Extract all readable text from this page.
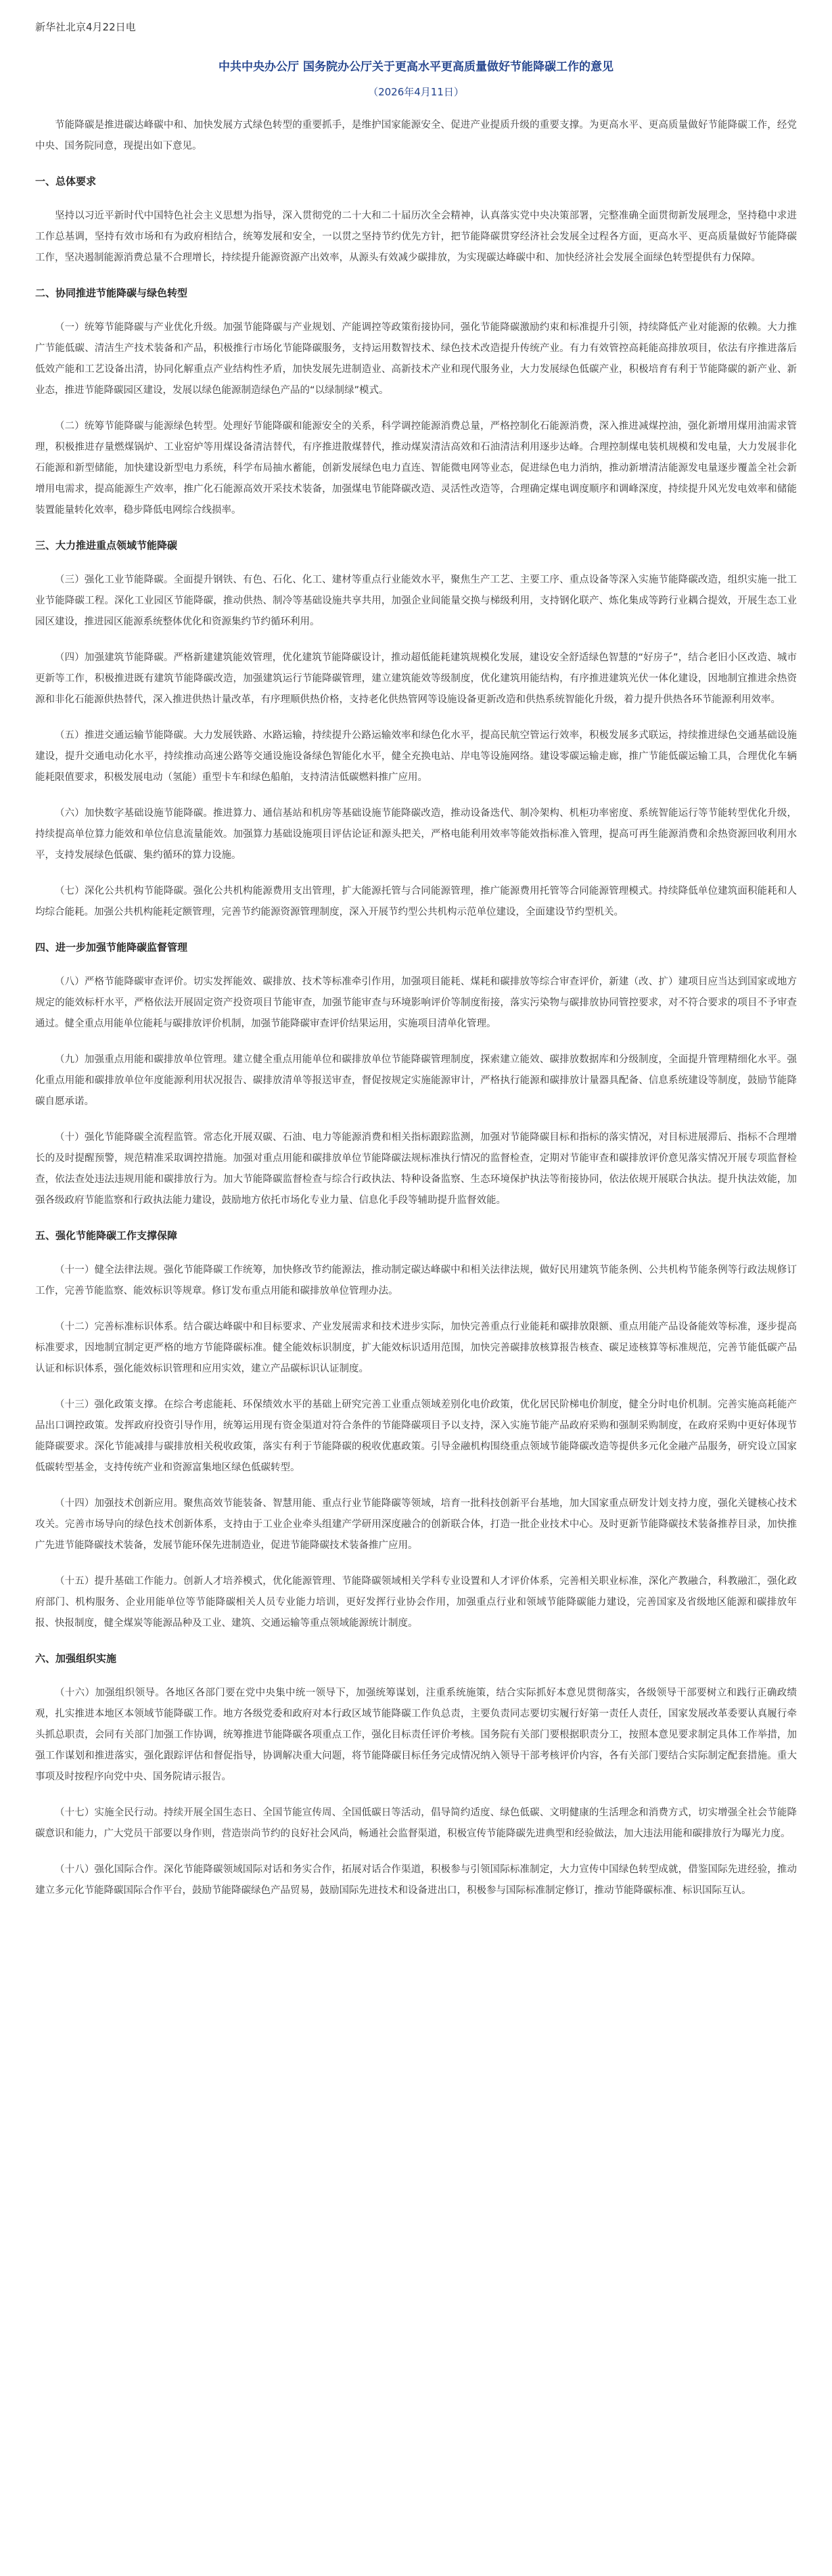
新华社北京4月22日电
中共中央办公厅 国务院办公厅关于更高水平更高质量做好节能降碳工作的意见
（2026年4月11日）

节能降碳是推进碳达峰碳中和、加快发展方式绿色转型的重要抓手，是维护国家能源安全、促进产业提质升级的重要支撑。为更高水平、更高质量做好节能降碳工作，经党中央、国务院同意，现提出如下意见。

一、总体要求

坚持以习近平新时代中国特色社会主义思想为指导，深入贯彻党的二十大和二十届历次全会精神，认真落实党中央决策部署，完整准确全面贯彻新发展理念，坚持稳中求进工作总基调，坚持有效市场和有为政府相结合，统筹发展和安全，一以贯之坚持节约优先方针，把节能降碳贯穿经济社会发展全过程各方面，更高水平、更高质量做好节能降碳工作，坚决遏制能源消费总量不合理增长，持续提升能源资源产出效率，从源头有效减少碳排放，为实现碳达峰碳中和、加快经济社会发展全面绿色转型提供有力保障。

二、协同推进节能降碳与绿色转型

（一）统筹节能降碳与产业优化升级。加强节能降碳与产业规划、产能调控等政策衔接协同，强化节能降碳激励约束和标准提升引领，持续降低产业对能源的依赖。大力推广节能低碳、清洁生产技术装备和产品，积极推行市场化节能降碳服务，支持运用数智技术、绿色技术改造提升传统产业。有力有效管控高耗能高排放项目，依法有序推进落后低效产能和工艺设备出清，协同化解重点产业结构性矛盾，加快发展先进制造业、高新技术产业和现代服务业，大力发展绿色低碳产业，积极培育有利于节能降碳的新产业、新业态，推进节能降碳园区建设，发展以绿色能源制造绿色产品的“以绿制绿”模式。

（二）统筹节能降碳与能源绿色转型。处理好节能降碳和能源安全的关系，科学调控能源消费总量，严格控制化石能源消费，深入推进减煤控油，强化新增用煤用油需求管理，积极推进存量燃煤锅炉、工业窑炉等用煤设备清洁替代，有序推进散煤替代，推动煤炭清洁高效和石油清洁利用逐步达峰。合理控制煤电装机规模和发电量，大力发展非化石能源和新型储能，加快建设新型电力系统，科学布局抽水蓄能，创新发展绿色电力直连、智能微电网等业态，促进绿色电力消纳，推动新增清洁能源发电量逐步覆盖全社会新增用电需求，提高能源生产效率，推广化石能源高效开采技术装备，加强煤电节能降碳改造、灵活性改造等，合理确定煤电调度顺序和调峰深度，持续提升风光发电效率和储能装置能量转化效率，稳步降低电网综合线损率。

三、大力推进重点领域节能降碳

（三）强化工业节能降碳。全面提升钢铁、有色、石化、化工、建材等重点行业能效水平，聚焦生产工艺、主要工序、重点设备等深入实施节能降碳改造，组织实施一批工业节能降碳工程。深化工业园区节能降碳，推动供热、制冷等基础设施共享共用，加强企业间能量交换与梯级利用，支持钢化联产、炼化集成等跨行业耦合提效，开展生态工业园区建设，推进园区能源系统整体优化和资源集约节约循环利用。

（四）加强建筑节能降碳。严格新建建筑能效管理，优化建筑节能降碳设计，推动超低能耗建筑规模化发展，建设安全舒适绿色智慧的“好房子”，结合老旧小区改造、城市更新等工作，积极推进既有建筑节能降碳改造，加强建筑运行节能降碳管理，建立建筑能效等级制度，优化建筑用能结构，有序推进建筑光伏一体化建设，因地制宜推进余热资源和非化石能源供热替代，深入推进供热计量改革，有序理顺供热价格，支持老化供热管网等设施设备更新改造和供热系统智能化升级，着力提升供热各环节能源利用效率。

（五）推进交通运输节能降碳。大力发展铁路、水路运输，持续提升公路运输效率和绿色化水平，提高民航空管运行效率，积极发展多式联运，持续推进绿色交通基础设施建设，提升交通电动化水平，持续推动高速公路等交通设施设备绿色智能化水平，健全充换电站、岸电等设施网络。建设零碳运输走廊，推广节能低碳运输工具，合理优化车辆能耗限值要求，积极发展电动（氢能）重型卡车和绿色船舶，支持清洁低碳燃料推广应用。

（六）加快数字基础设施节能降碳。推进算力、通信基站和机房等基础设施节能降碳改造，推动设备迭代、制冷架构、机柜功率密度、系统智能运行等节能转型优化升级，持续提高单位算力能效和单位信息流量能效。加强算力基础设施项目评估论证和源头把关，严格电能利用效率等能效指标准入管理，提高可再生能源消费和余热资源回收利用水平，支持发展绿色低碳、集约循环的算力设施。

（七）深化公共机构节能降碳。强化公共机构能源费用支出管理，扩大能源托管与合同能源管理，推广能源费用托管等合同能源管理模式。持续降低单位建筑面积能耗和人均综合能耗。加强公共机构能耗定额管理，完善节约能源资源管理制度，深入开展节约型公共机构示范单位建设，全面建设节约型机关。

四、进一步加强节能降碳监督管理

（八）严格节能降碳审查评价。切实发挥能效、碳排放、技术等标准牵引作用，加强项目能耗、煤耗和碳排放等综合审查评价，新建（改、扩）建项目应当达到国家或地方规定的能效标杆水平，严格依法开展固定资产投资项目节能审查，加强节能审查与环境影响评价等制度衔接，落实污染物与碳排放协同管控要求，对不符合要求的项目不予审查通过。健全重点用能单位能耗与碳排放评价机制，加强节能降碳审查评价结果运用，实施项目清单化管理。

（九）加强重点用能和碳排放单位管理。建立健全重点用能单位和碳排放单位节能降碳管理制度，探索建立能效、碳排放数据库和分级制度，全面提升管理精细化水平。强化重点用能和碳排放单位年度能源利用状况报告、碳排放清单等报送审查，督促按规定实施能源审计，严格执行能源和碳排放计量器具配备、信息系统建设等制度，鼓励节能降碳自愿承诺。

（十）强化节能降碳全流程监管。常态化开展双碳、石油、电力等能源消费和相关指标跟踪监测，加强对节能降碳目标和指标的落实情况，对目标进展滞后、指标不合理增长的及时提醒预警，规范精准采取调控措施。加强对重点用能和碳排放单位节能降碳法规标准执行情况的监督检查，定期对节能审查和碳排放评价意见落实情况开展专项监督检查，依法查处违法违规用能和碳排放行为。加大节能降碳监督检查与综合行政执法、特种设备监察、生态环境保护执法等衔接协同，依法依规开展联合执法。提升执法效能，加强各级政府节能监察和行政执法能力建设，鼓励地方依托市场化专业力量、信息化手段等辅助提升监督效能。

五、强化节能降碳工作支撑保障

（十一）健全法律法规。强化节能降碳工作统筹，加快修改节约能源法，推动制定碳达峰碳中和相关法律法规，做好民用建筑节能条例、公共机构节能条例等行政法规修订工作，完善节能监察、能效标识等规章。修订发布重点用能和碳排放单位管理办法。

（十二）完善标准标识体系。结合碳达峰碳中和目标要求、产业发展需求和技术进步实际，加快完善重点行业能耗和碳排放限额、重点用能产品设备能效等标准，逐步提高标准要求，因地制宜制定更严格的地方节能降碳标准。健全能效标识制度，扩大能效标识适用范围，加快完善碳排放核算报告核查、碳足迹核算等标准规范，完善节能低碳产品认证和标识体系，强化能效标识管理和应用实效，建立产品碳标识认证制度。

（十三）强化政策支撑。在综合考虑能耗、环保绩效水平的基础上研究完善工业重点领域差别化电价政策，优化居民阶梯电价制度，健全分时电价机制。完善实施高耗能产品出口调控政策。发挥政府投资引导作用，统筹运用现有资金渠道对符合条件的节能降碳项目予以支持，深入实施节能产品政府采购和强制采购制度，在政府采购中更好体现节能降碳要求。深化节能减排与碳排放相关税收政策，落实有利于节能降碳的税收优惠政策。引导金融机构围绕重点领域节能降碳改造等提供多元化金融产品服务，研究设立国家低碳转型基金，支持传统产业和资源富集地区绿色低碳转型。

（十四）加强技术创新应用。聚焦高效节能装备、智慧用能、重点行业节能降碳等领域，培育一批科技创新平台基地，加大国家重点研发计划支持力度，强化关键核心技术攻关。完善市场导向的绿色技术创新体系，支持由于工业企业牵头组建产学研用深度融合的创新联合体，打造一批企业技术中心。及时更新节能降碳技术装备推荐目录，加快推广先进节能降碳技术装备，发展节能环保先进制造业，促进节能降碳技术装备推广应用。

（十五）提升基础工作能力。创新人才培养模式，优化能源管理、节能降碳领域相关学科专业设置和人才评价体系，完善相关职业标准，深化产教融合，科教融汇，强化政府部门、机构服务、企业用能单位等节能降碳相关人员专业能力培训，更好发挥行业协会作用，加强重点行业和领域节能降碳能力建设，完善国家及省级地区能源和碳排放年报、快报制度，健全煤炭等能源品种及工业、建筑、交通运输等重点领域能源统计制度。

六、加强组织实施

（十六）加强组织领导。各地区各部门要在党中央集中统一领导下，加强统筹谋划，注重系统施策，结合实际抓好本意见贯彻落实，各级领导干部要树立和践行正确政绩观，扎实推进本地区本领域节能降碳工作。地方各级党委和政府对本行政区域节能降碳工作负总责，主要负责同志要切实履行好第一责任人责任，国家发展改革委要认真履行牵头抓总职责，会同有关部门加强工作协调，统筹推进节能降碳各项重点工作，强化目标责任评价考核。国务院有关部门要根据职责分工，按照本意见要求制定具体工作举措，加强工作谋划和推进落实，强化跟踪评估和督促指导，协调解决重大问题，将节能降碳目标任务完成情况纳入领导干部考核评价内容，各有关部门要结合实际制定配套措施。重大事项及时按程序向党中央、国务院请示报告。

（十七）实施全民行动。持续开展全国生态日、全国节能宣传周、全国低碳日等活动，倡导简约适度、绿色低碳、文明健康的生活理念和消费方式，切实增强全社会节能降碳意识和能力，广大党员干部要以身作则，营造崇尚节约的良好社会风尚，畅通社会监督渠道，积极宣传节能降碳先进典型和经验做法，加大违法用能和碳排放行为曝光力度。

（十八）强化国际合作。深化节能降碳领域国际对话和务实合作，拓展对话合作渠道，积极参与引领国际标准制定，大力宣传中国绿色转型成就，借鉴国际先进经验，推动建立多元化节能降碳国际合作平台，鼓励节能降碳绿色产品贸易，鼓励国际先进技术和设备进出口，积极参与国际标准制定修订，推动节能降碳标准、标识国际互认。
